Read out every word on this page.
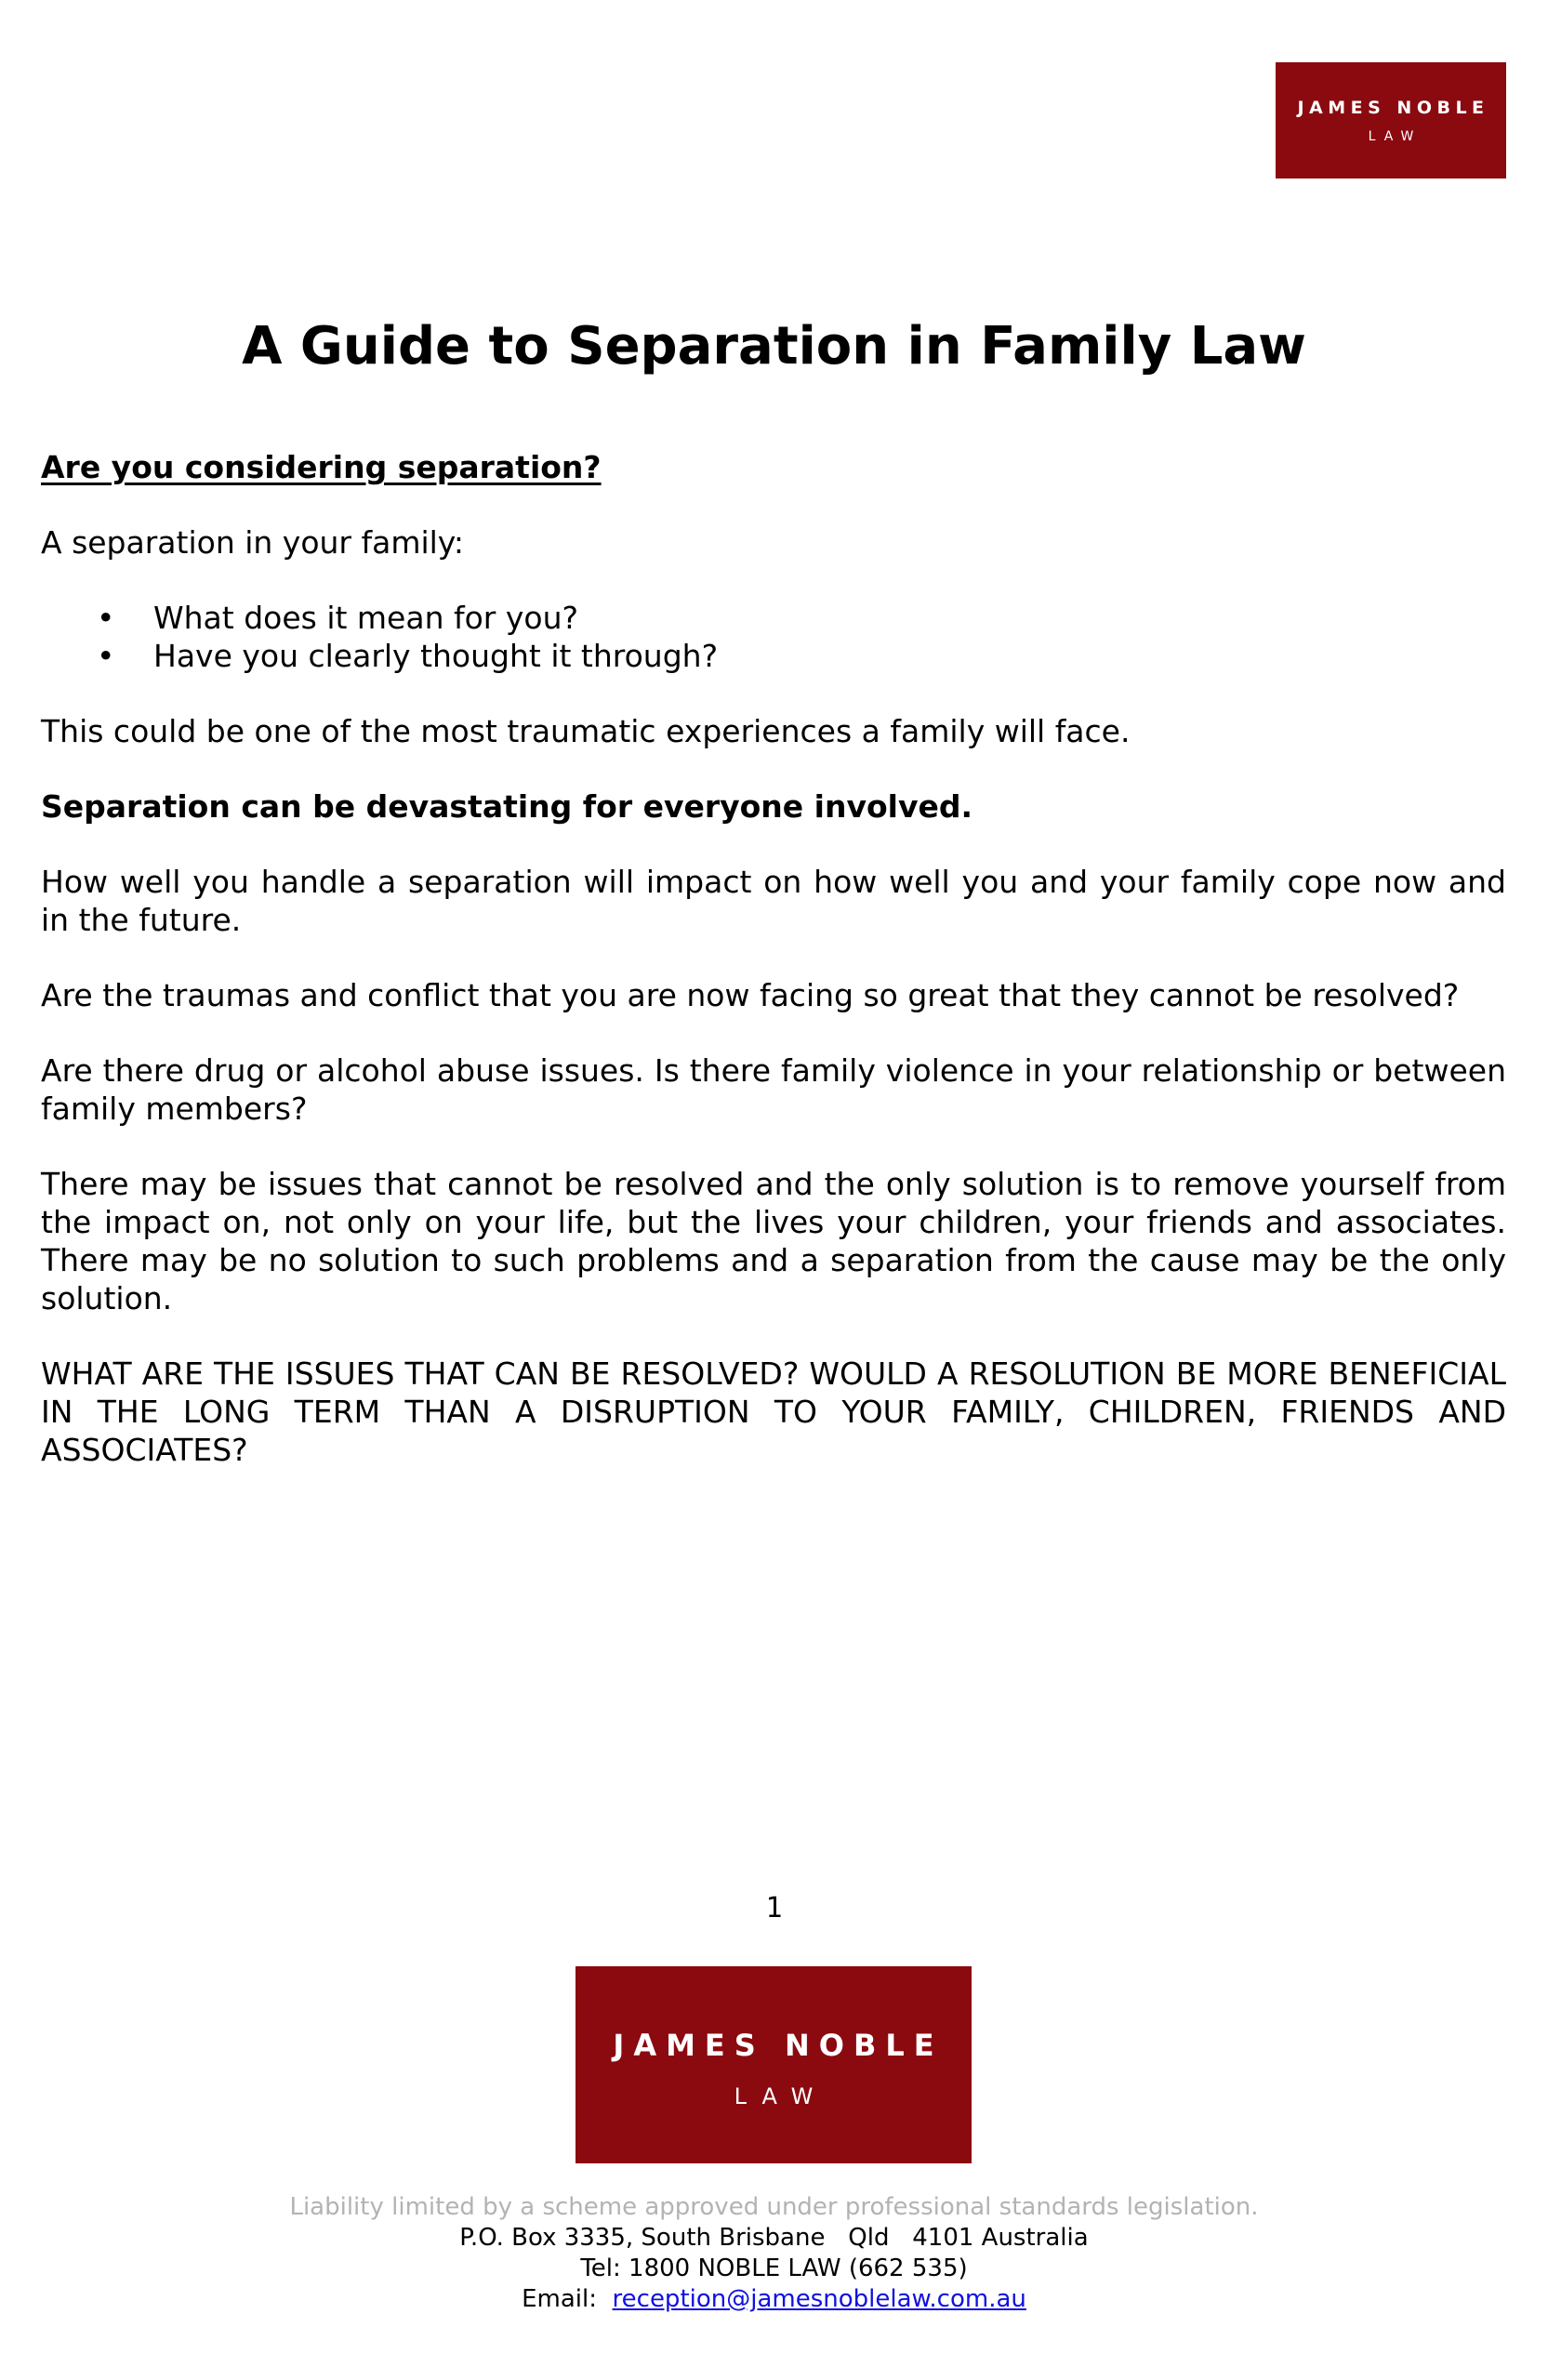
JAMES NOBLE
LAW
A Guide to Separation in Family Law

Are you considering separation?

A separation in your family:

• What does it mean for you?
• Have you clearly thought it through?

This could be one of the most traumatic experiences a family will face.

Separation can be devastating for everyone involved.

How well you handle a separation will impact on how well you and your family cope now and in the future.

Are the traumas and conflict that you are now facing so great that they cannot be resolved?

Are there drug or alcohol abuse issues. Is there family violence in your relationship or between family members?

There may be issues that cannot be resolved and the only solution is to remove yourself from the impact on, not only on your life, but the lives your children, your friends and associates. There may be no solution to such problems and a separation from the cause may be the only solution.

WHAT ARE THE ISSUES THAT CAN BE RESOLVED? WOULD A RESOLUTION BE MORE BENEFICIAL IN THE LONG TERM THAN A DISRUPTION TO YOUR FAMILY, CHILDREN, FRIENDS AND ASSOCIATES?

1
JAMES NOBLE
LAW
Liability limited by a scheme approved under professional standards legislation.
P.O. Box 3335, South Brisbane   Qld   4101 Australia
Tel: 1800 NOBLE LAW (662 535)
Email:  reception@jamesnoblelaw.com.au
